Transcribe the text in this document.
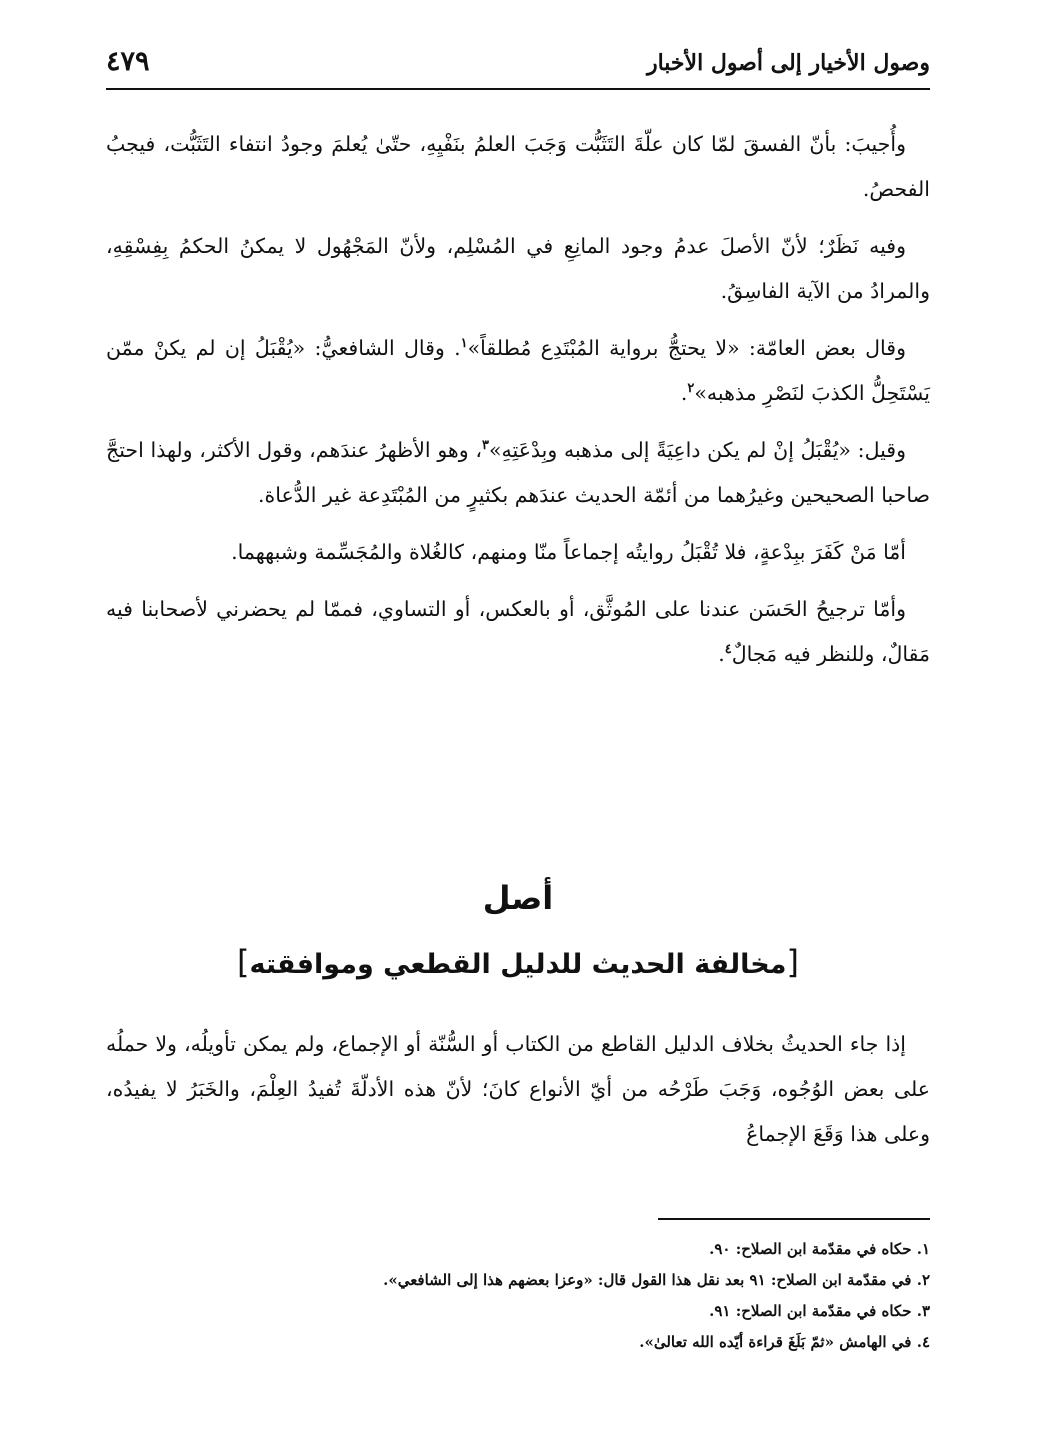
وصول الأخيار إلى أصول الأخبار
٤٧٩

وأُجيبَ: بأنّ الفسقَ لمّا كان علّةَ التَثَبُّت وَجَبَ العلمُ بنَفْيِهِ، حتّىٰ يُعلمَ وجودُ انتفاء التَثَبُّت، فيجبُ الفحصُ.

وفيه نَظَرٌ؛ لأنّ الأصلَ عدمُ وجود المانِعِ في المُسْلِم، ولأنّ المَجْهُول لا يمكنُ الحكمُ بِفِسْقِهِ، والمرادُ من الآية الفاسِقُ.

وقال بعض العامّة: «لا يحتجُّ برواية المُبْتَدِع مُطلقاً»$^١$. وقال الشافعيُّ: «يُقْبَلُ إن لم يكنْ ممّن يَسْتَحِلُّ الكذبَ لنَصْرِ مذهبه»$^٢$.

وقيل: «يُقْبَلُ إنْ لم يكن داعِيَةً إلى مذهبه وبِدْعَتِهِ»$^٣$، وهو الأظهرُ عندَهم، وقول الأكثر، ولهذا احتجَّ صاحبا الصحيحين وغيرُهما من أئمّة الحديث عندَهم بكثيرٍ من المُبْتَدِعة غير الدُّعاة.

أمّا مَنْ كَفَرَ ببِدْعةٍ، فلا تُقْبَلُ روايتُه إجماعاً منّا ومنهم، كالغُلاة والمُجَسِّمة وشبههما.

وأمّا ترجيحُ الحَسَن عندنا على المُوثَّق، أو بالعكس، أو التساوي، فممّا لم يحضرني لأصحابنا فيه مَقالٌ، وللنظر فيه مَجالٌ$^٤$.

أصل
[مخالفة الحديث للدليل القطعي وموافقته]

إذا جاء الحديثُ بخلاف الدليل القاطع من الكتاب أو السُّنّة أو الإجماع، ولم يمكن تأويلُه، ولا حملُه على بعض الوُجُوه، وَجَبَ طَرْحُه من أيّ الأنواع كانَ؛ لأنّ هذه الأدلّةَ تُفيدُ العِلْمَ، والخَبَرُ لا يفيدُه، وعلى هذا وَقَعَ الإجماعُ

١. حكاه في مقدّمة ابن الصلاح: ٩٠.

٢. في مقدّمة ابن الصلاح: ٩١ بعد نقل هذا القول قال: «وعزا بعضهم هذا إلى الشافعي».

٣. حكاه في مقدّمة ابن الصلاح: ٩١.

٤. في الهامش «ثمّ بَلَغَ قراءة أيّده الله تعالىٰ».
